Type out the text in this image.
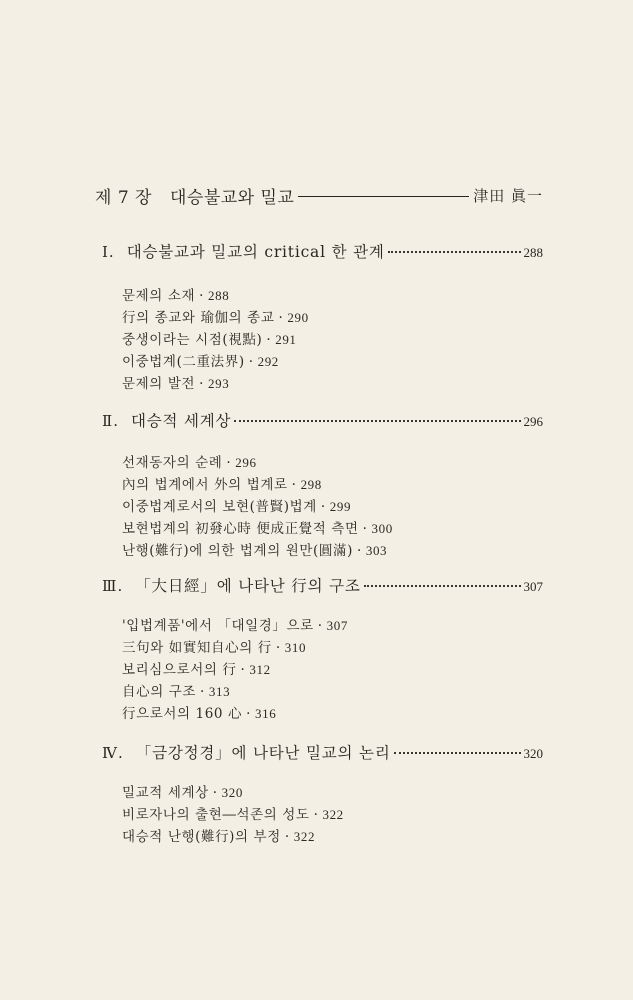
제 7 장 대승불교와 밀교	津田 眞一
Ⅰ. 대승불교과 밀교의 critical 한 관계	288
문제의 소재 · 288
行의 종교와 瑜伽의 종교 · 290
중생이라는 시점(視點) · 291
이중법계(二重法界) · 292
문제의 발전 · 293
Ⅱ. 대승적 세계상	296
선재동자의 순례 · 296
內의 법계에서 外의 법계로 · 298
이중법계로서의 보현(普賢)법계 · 299
보현법계의 初發心時 便成正覺적 측면 · 300
난행(難行)에 의한 법계의 원만(圓滿) · 303
Ⅲ. 「大日經」에 나타난 行의 구조	307
'입법계품'에서 「대일경」으로 · 307
三句와 如實知自心의 行 · 310
보리심으로서의 行 · 312
自心의 구조 · 313
行으로서의 160 心 · 316
Ⅳ. 「금강정경」에 나타난 밀교의 논리	320
밀교적 세계상 · 320
비로자나의 출현―석존의 성도 · 322
대승적 난행(難行)의 부정 · 322
